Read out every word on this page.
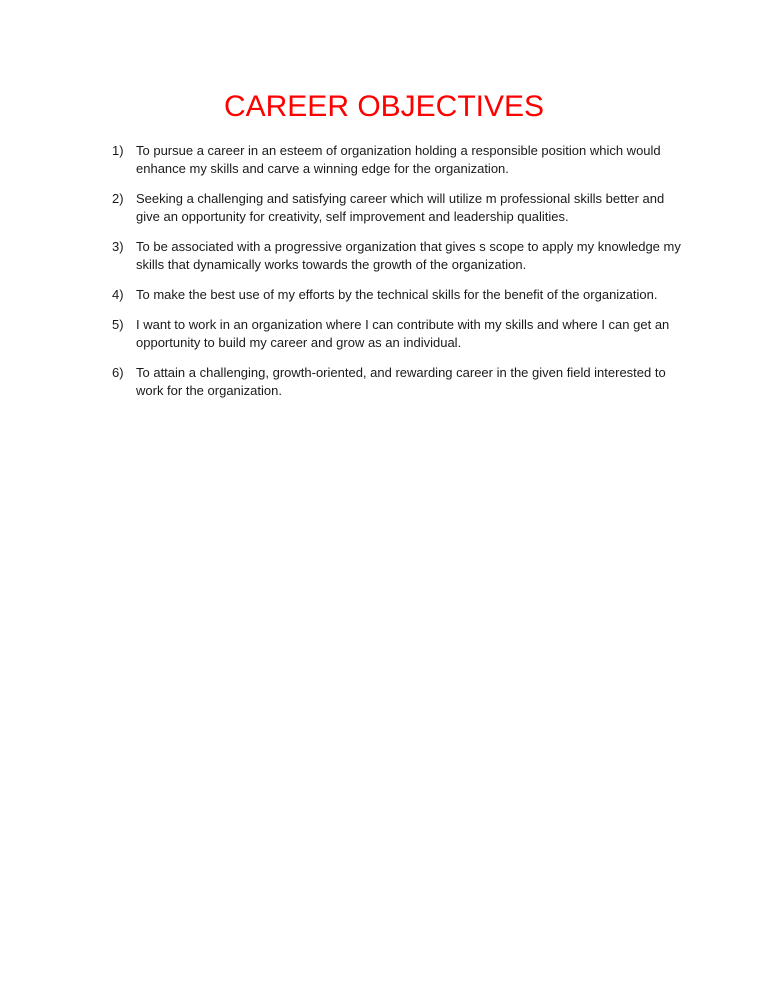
CAREER OBJECTIVES
1) To pursue a career in an esteem of organization holding a responsible position which would enhance my skills and carve a winning edge for the organization.
2) Seeking a challenging and satisfying career which will utilize m professional skills better and give an opportunity for creativity, self improvement and leadership qualities.
3) To be associated with a progressive organization that gives s scope to apply my knowledge my skills that dynamically works towards the growth of the organization.
4) To make the best use of my efforts by the technical skills for the benefit of the organization.
5) I want to work in an organization where I can contribute with my skills and where I can get an opportunity to build my career and grow as an individual.
6) To attain a challenging, growth-oriented, and rewarding career in the given field interested to work for the organization.
